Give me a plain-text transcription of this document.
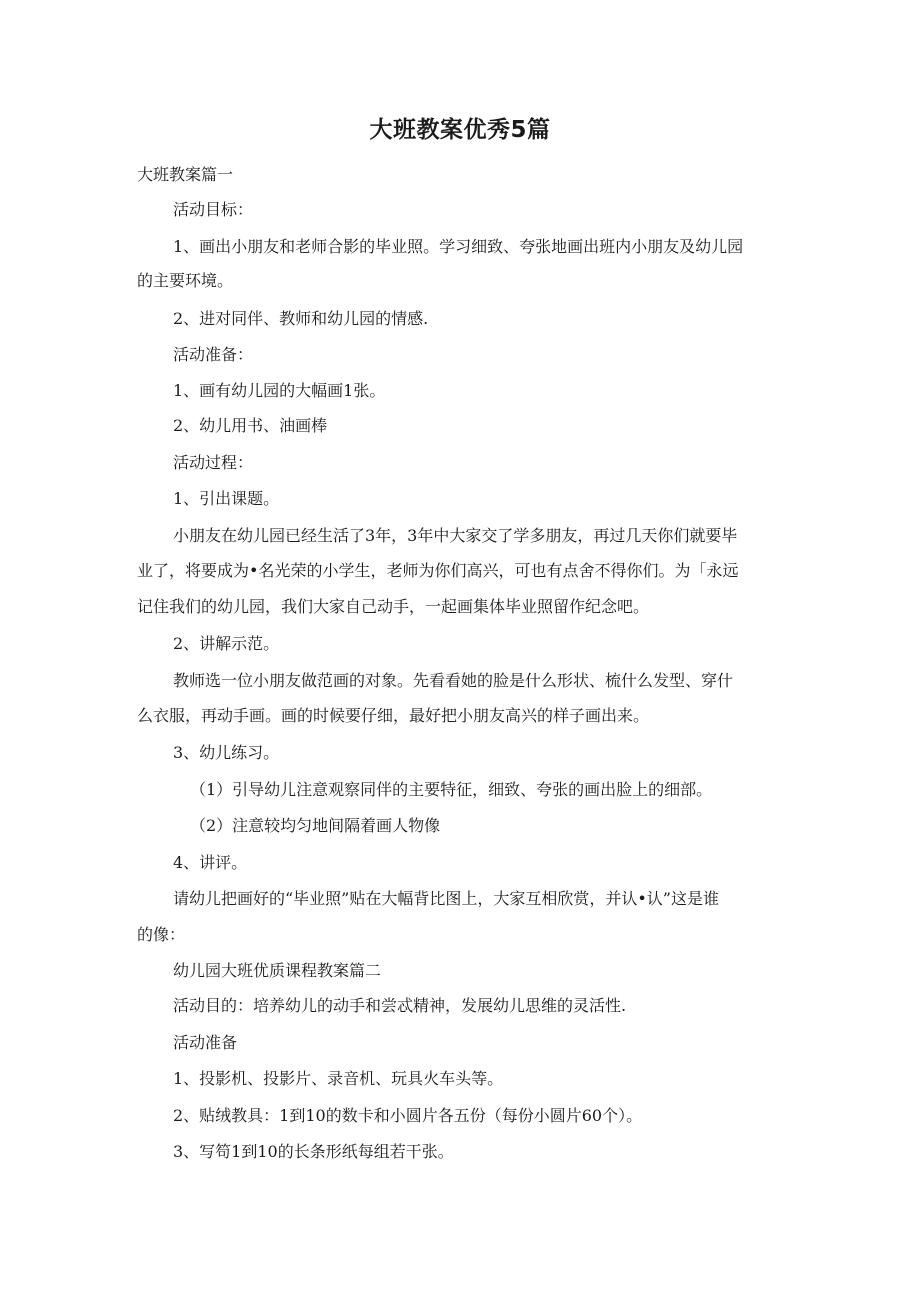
大班教案优秀5篇
大班教案篇一
活动目标：
1、画出小朋友和老师合影的毕业照。学习细致、夸张地画出班内小朋友及幼儿园
的主要环境。
2、进对同伴、教师和幼儿园的情感.
活动准备：
1、画有幼儿园的大幅画1张。
2、幼儿用书、油画棒
活动过程：
1、引出课题。
小朋友在幼儿园已经生活了3年，3年中大家交了学多朋友，再过几天你们就要毕
业了，将要成为•名光荣的小学生，老师为你们高兴，可也有点舍不得你们。为「永远
记住我们的幼儿园，我们大家自己动手，一起画集体毕业照留作纪念吧。
2、讲解示范。
教师选一位小朋友做范画的对象。先看看她的脸是什么形状、梳什么发型、穿什
么衣服，再动手画。画的时候要仔细，最好把小朋友高兴的样子画出来。
3、幼儿练习。
（1）引导幼儿注意观察同伴的主要特征，细致、夸张的画出脸上的细部。
（2）注意较均匀地间隔着画人物像
4、讲评。
请幼儿把画好的“毕业照”贴在大幅背比图上，大家互相欣赏，并认•认”这是谁
的像：
幼儿园大班优质课程教案篇二
活动目的：培养幼儿的动手和尝忒精神，发展幼儿思维的灵活性.
活动准备
1、投影机、投影片、录音机、玩具火车头等。
2、贴绒教具：1到10的数卡和小圆片各五份（每份小圆片60个）。
3、写笱1到10的长条形纸每组若干张。
